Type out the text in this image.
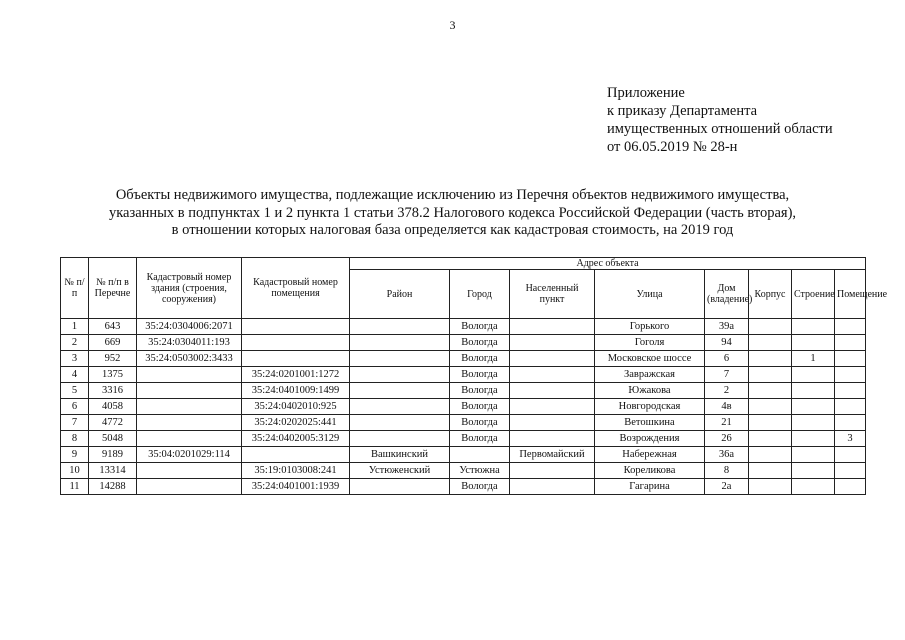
3
Приложение
к приказу Департамента
имущественных отношений области
от 06.05.2019 № 28-н
Объекты недвижимого имущества, подлежащие исключению из Перечня объектов недвижимого имущества,
указанных в подпунктах 1 и 2 пункта 1 статьи 378.2 Налогового кодекса Российской Федерации (часть вторая),
в отношении которых налоговая база определяется как кадастровая стоимость, на 2019 год
№ п/п	№ п/п в Перечне	Кадастровый номер здания (строения, сооружения)	Кадастровый номер помещения	Адрес объекта							
				Район	Город	Населенный пункт	Улица	Дом (владение)	Корпус	Строение	Помещение
1	643	35:24:0304006:2071			Вологда		Горького	39а			
2	669	35:24:0304011:193			Вологда		Гоголя	94			
3	952	35:24:0503002:3433			Вологда		Московское шоссе	6		1	
4	1375		35:24:0201001:1272		Вологда		Завражская	7			
5	3316		35:24:0401009:1499		Вологда		Южакова	2			
6	4058		35:24:0402010:925		Вологда		Новгородская	4в			
7	4772		35:24:0202025:441		Вологда		Ветошкина	21			
8	5048		35:24:0402005:3129		Вологда		Возрождения	26			3
9	9189	35:04:0201029:114		Вашкинский		Первомайский	Набережная	36а			
10	13314		35:19:0103008:241	Устюженский	Устюжна		Кореликова	8			
11	14288		35:24:0401001:1939		Вологда		Гагарина	2а			
